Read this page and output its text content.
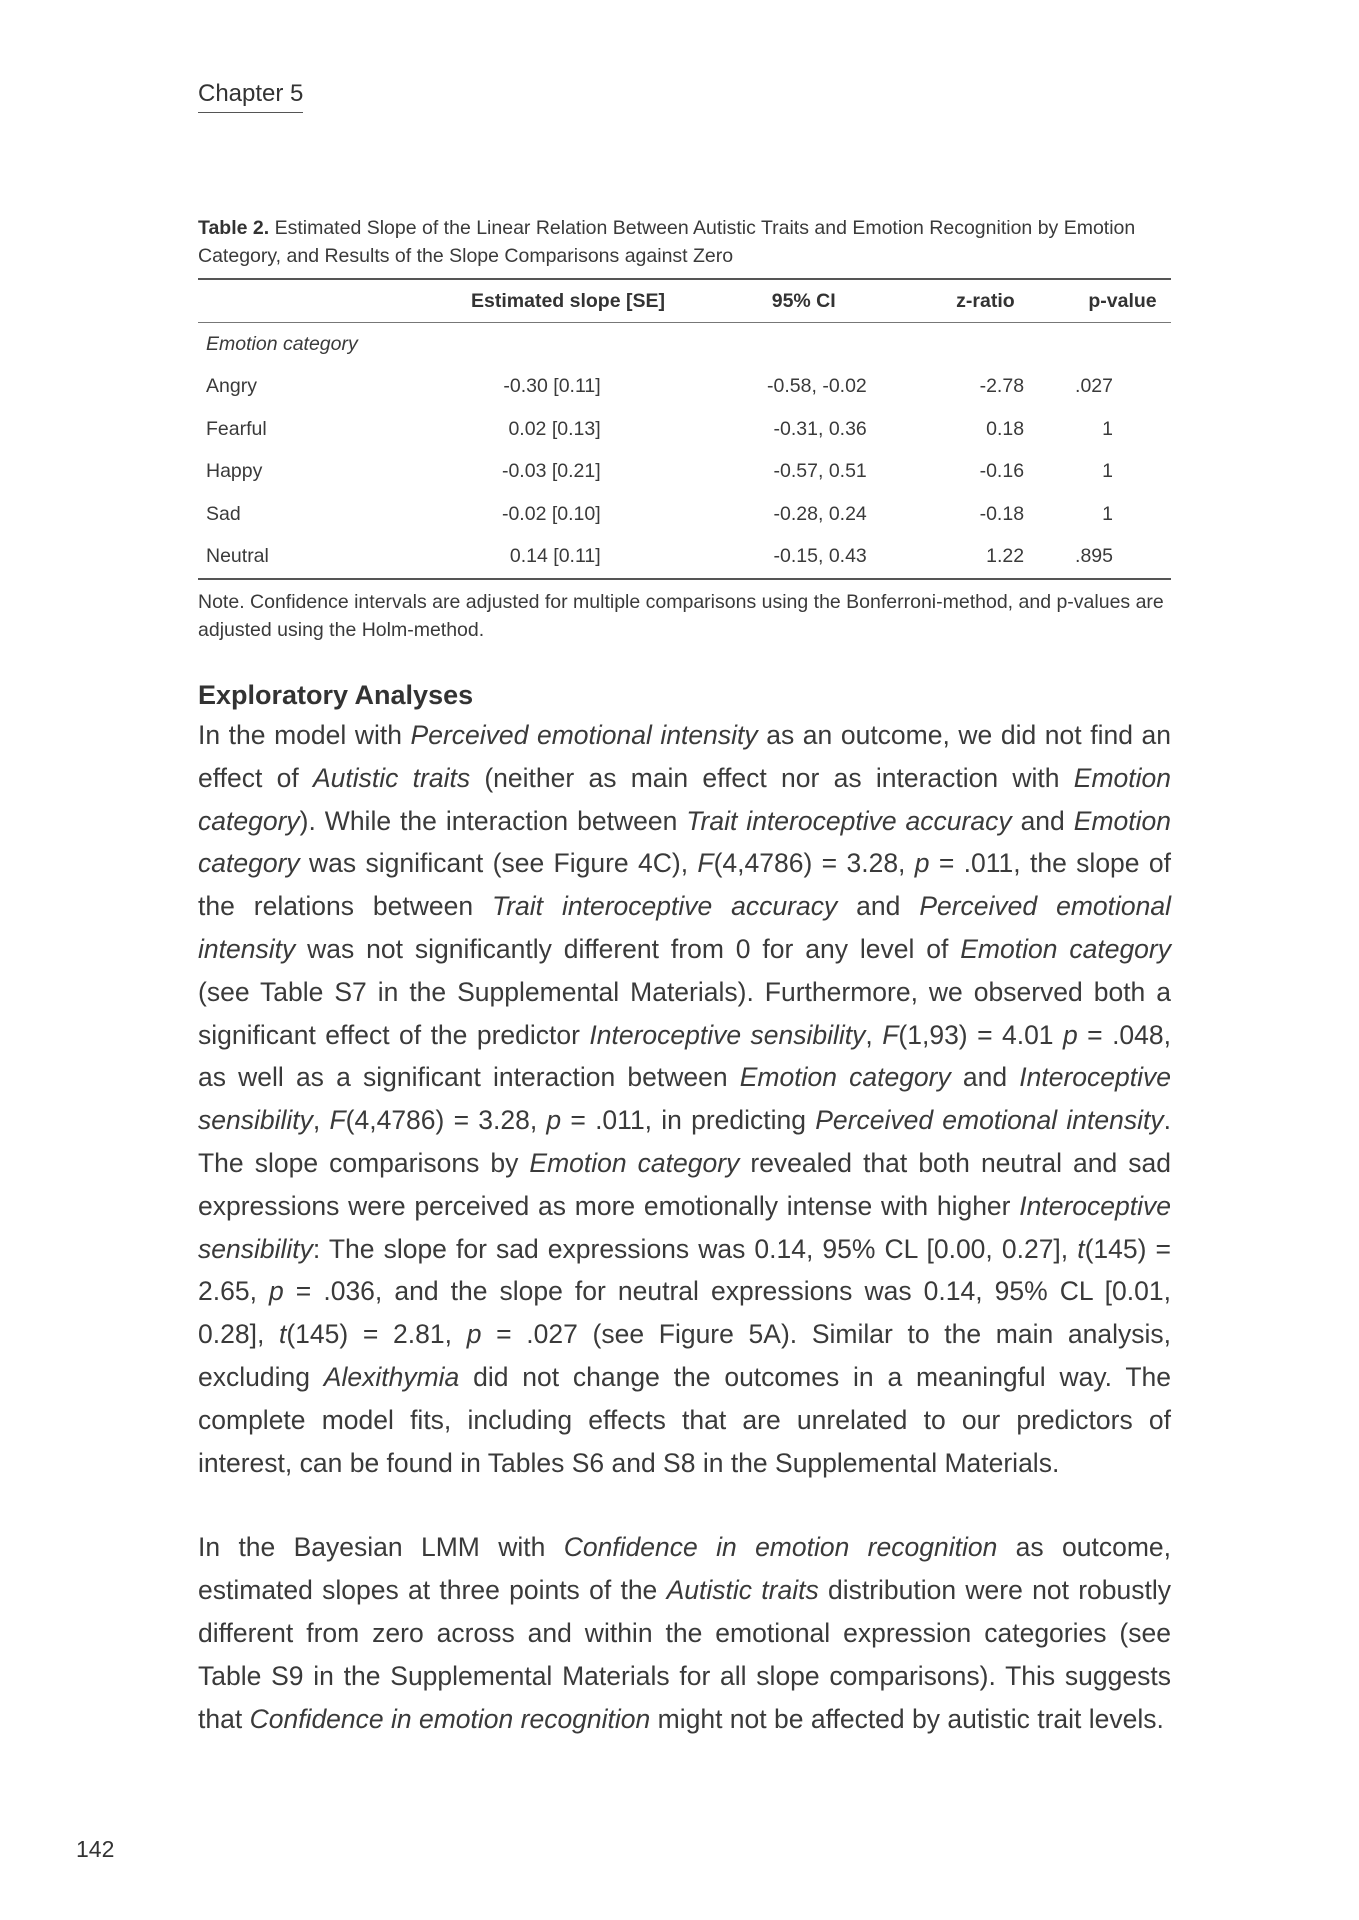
Chapter 5
Table 2. Estimated Slope of the Linear Relation Between Autistic Traits and Emotion Recognition by Emotion Category, and Results of the Slope Comparisons against Zero
	Estimated slope [SE]	95% CI	z-ratio	p-value
Emotion category				
Angry	-0.30 [0.11]	-0.58, -0.02	-2.78	.027
Fearful	0.02 [0.13]	-0.31, 0.36	0.18	1
Happy	-0.03 [0.21]	-0.57, 0.51	-0.16	1
Sad	-0.02 [0.10]	-0.28, 0.24	-0.18	1
Neutral	0.14 [0.11]	-0.15, 0.43	1.22	.895
Note. Confidence intervals are adjusted for multiple comparisons using the Bonferroni-method, and p-values are adjusted using the Holm-method.
Exploratory Analyses

In the model with Perceived emotional intensity as an outcome, we did not find an effect of Autistic traits (neither as main effect nor as interaction with Emotion category). While the interaction between Trait interoceptive accuracy and Emotion category was significant (see Figure 4C), F(4,4786) = 3.28, p = .011, the slope of the relations between Trait interoceptive accuracy and Perceived emotional intensity was not significantly different from 0 for any level of Emotion category (see Table S7 in the Supplemental Materials). Furthermore, we observed both a significant effect of the predictor Interoceptive sensibility, F(1,93) = 4.01 p = .048, as well as a significant interaction between Emotion category and Interoceptive sensibility, F(4,4786) = 3.28, p = .011, in predicting Perceived emotional intensity. The slope comparisons by Emotion category revealed that both neutral and sad expressions were perceived as more emotionally intense with higher Interoceptive sensibility: The slope for sad expressions was 0.14, 95% CL [0.00, 0.27], t(145) = 2.65, p = .036, and the slope for neutral expressions was 0.14, 95% CL [0.01, 0.28], t(145) = 2.81, p = .027 (see Figure 5A). Similar to the main analysis, excluding Alexithymia did not change the outcomes in a meaningful way. The complete model fits, including effects that are unrelated to our predictors of interest, can be found in Tables S6 and S8 in the Supplemental Materials.

In the Bayesian LMM with Confidence in emotion recognition as outcome, estimated slopes at three points of the Autistic traits distribution were not robustly different from zero across and within the emotional expression categories (see Table S9 in the Supplemental Materials for all slope comparisons). This suggests that Confidence in emotion recognition might not be affected by autistic trait levels.

142
